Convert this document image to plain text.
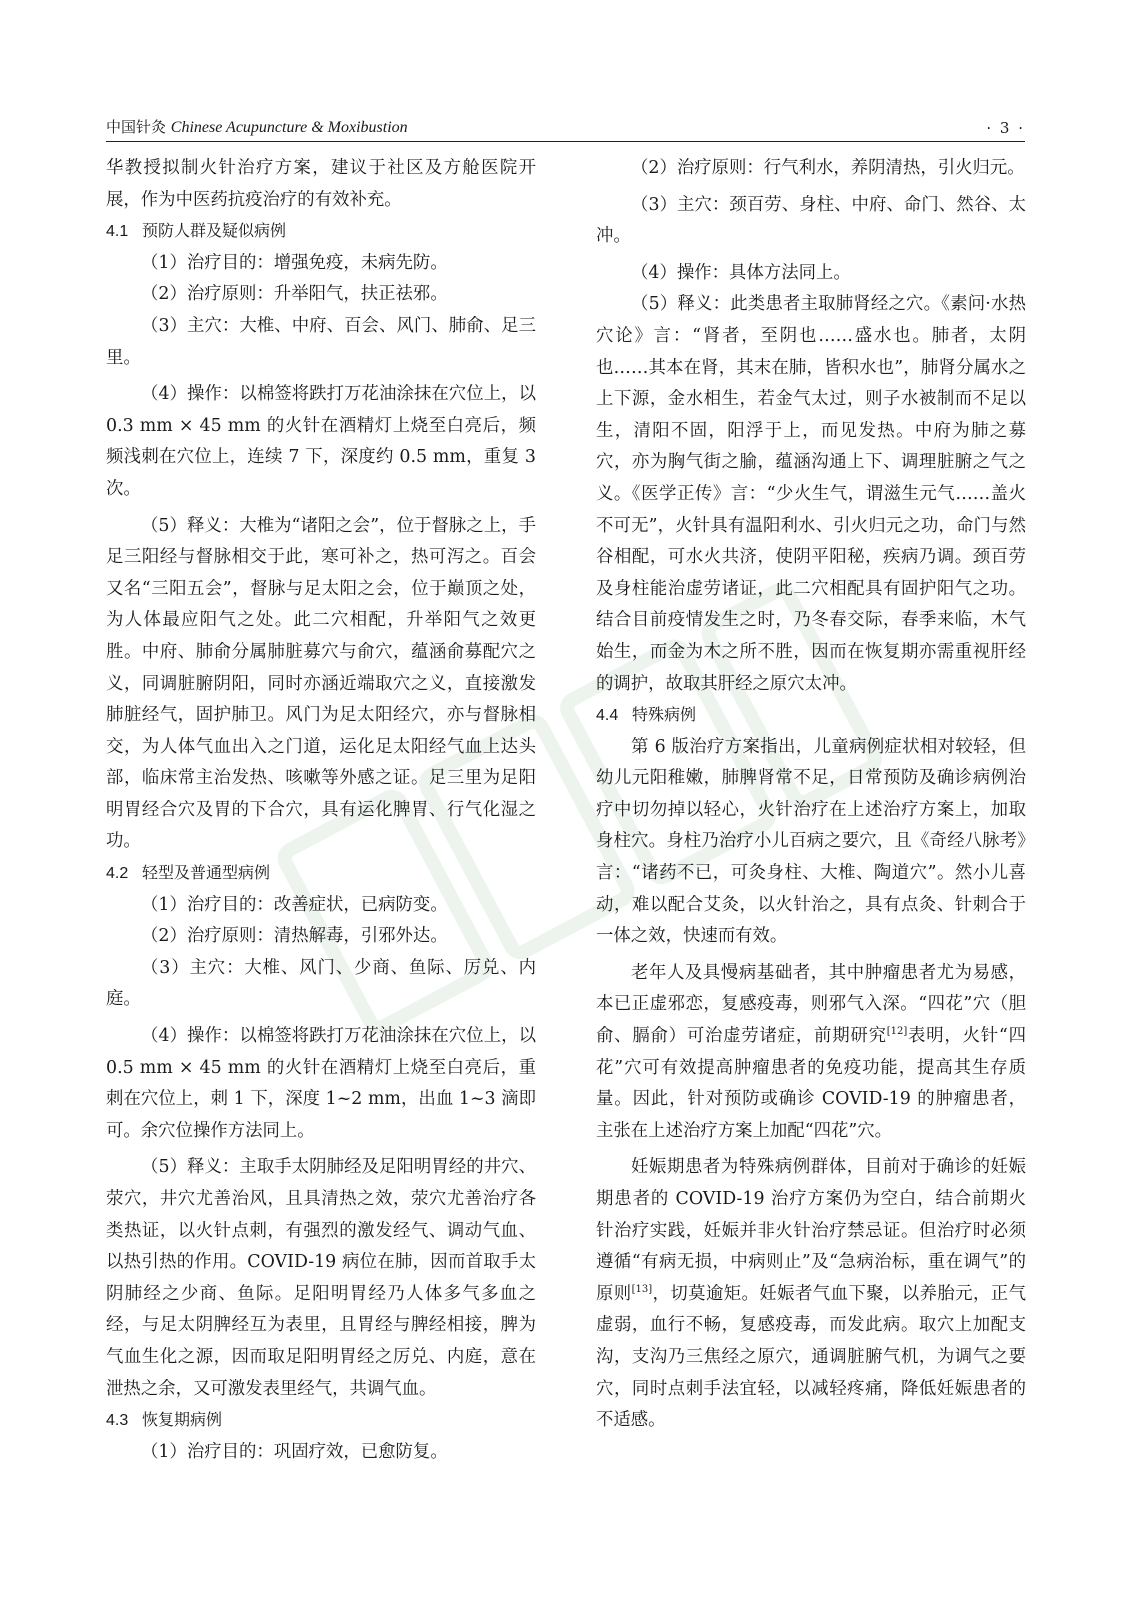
中国针灸 Chinese Acupuncture & Moxibustion	· 3 ·

华教授拟制火针治疗方案，建议于社区及方舱医院开展，作为中医药抗疫治疗的有效补充。

4.1 预防人群及疑似病例

（1）治疗目的：增强免疫，未病先防。

（2）治疗原则：升举阳气，扶正祛邪。

（3）主穴：大椎、中府、百会、风门、肺俞、足三里。

（4）操作：以棉签将跌打万花油涂抹在穴位上，以 0.3 mm × 45 mm 的火针在酒精灯上烧至白亮后，频频浅刺在穴位上，连续 7 下，深度约 0.5 mm，重复 3 次。

（5）释义：大椎为“诸阳之会”，位于督脉之上，手足三阳经与督脉相交于此，寒可补之，热可泻之。百会又名“三阳五会”，督脉与足太阳之会，位于巅顶之处，为人体最应阳气之处。此二穴相配，升举阳气之效更胜。中府、肺俞分属肺脏募穴与俞穴，蕴涵俞募配穴之义，同调脏腑阴阳，同时亦涵近端取穴之义，直接激发肺脏经气，固护肺卫。风门为足太阳经穴，亦与督脉相交，为人体气血出入之门道，运化足太阳经气血上达头部，临床常主治发热、咳嗽等外感之证。足三里为足阳明胃经合穴及胃的下合穴，具有运化脾胃、行气化湿之功。

4.2 轻型及普通型病例

（1）治疗目的：改善症状，已病防变。

（2）治疗原则：清热解毒，引邪外达。

（3）主穴：大椎、风门、少商、鱼际、厉兑、内庭。

（4）操作：以棉签将跌打万花油涂抹在穴位上，以 0.5 mm × 45 mm 的火针在酒精灯上烧至白亮后，重刺在穴位上，刺 1 下，深度 1~2 mm，出血 1~3 滴即可。余穴位操作方法同上。

（5）释义：主取手太阴肺经及足阳明胃经的井穴、荥穴，井穴尤善治风，且具清热之效，荥穴尤善治疗各类热证，以火针点刺，有强烈的激发经气、调动气血、以热引热的作用。COVID-19 病位在肺，因而首取手太阴肺经之少商、鱼际。足阳明胃经乃人体多气多血之经，与足太阴脾经互为表里，且胃经与脾经相接，脾为气血生化之源，因而取足阳明胃经之厉兑、内庭，意在泄热之余，又可激发表里经气，共调气血。

4.3 恢复期病例

（1）治疗目的：巩固疗效，已愈防复。

（2）治疗原则：行气利水，养阴清热，引火归元。

（3）主穴：颈百劳、身柱、中府、命门、然谷、太冲。

（4）操作：具体方法同上。

（5）释义：此类患者主取肺肾经之穴。《素问·水热穴论》言：“肾者，至阴也……盛水也。肺者，太阴也……其本在肾，其末在肺，皆积水也”，肺肾分属水之上下源，金水相生，若金气太过，则子水被制而不足以生，清阳不固，阳浮于上，而见发热。中府为肺之募穴，亦为胸气街之腧，蕴涵沟通上下、调理脏腑之气之义。《医学正传》言：“少火生气，谓滋生元气……盖火不可无”，火针具有温阳利水、引火归元之功，命门与然谷相配，可水火共济，使阴平阳秘，疾病乃调。颈百劳及身柱能治虚劳诸证，此二穴相配具有固护阳气之功。结合目前疫情发生之时，乃冬春交际，春季来临，木气始生，而金为木之所不胜，因而在恢复期亦需重视肝经的调护，故取其肝经之原穴太冲。

4.4 特殊病例

第 6 版治疗方案指出，儿童病例症状相对较轻，但幼儿元阳稚嫩，肺脾肾常不足，日常预防及确诊病例治疗中切勿掉以轻心，火针治疗在上述治疗方案上，加取身柱穴。身柱乃治疗小儿百病之要穴，且《奇经八脉考》言：“诸药不已，可灸身柱、大椎、陶道穴”。然小儿喜动，难以配合艾灸，以火针治之，具有点灸、针刺合于一体之效，快速而有效。

老年人及具慢病基础者，其中肿瘤患者尤为易感，本已正虚邪恋，复感疫毒，则邪气入深。“四花”穴（胆俞、膈俞）可治虚劳诸症，前期研究[12]表明，火针“四花”穴可有效提高肿瘤患者的免疫功能，提高其生存质量。因此，针对预防或确诊 COVID-19 的肿瘤患者，主张在上述治疗方案上加配“四花”穴。

妊娠期患者为特殊病例群体，目前对于确诊的妊娠期患者的 COVID-19 治疗方案仍为空白，结合前期火针治疗实践，妊娠并非火针治疗禁忌证。但治疗时必须遵循“有病无损，中病则止”及“急病治标，重在调气”的原则[13]，切莫逾矩。妊娠者气血下聚，以养胎元，正气虚弱，血行不畅，复感疫毒，而发此病。取穴上加配支沟，支沟乃三焦经之原穴，通调脏腑气机，为调气之要穴，同时点刺手法宜轻，以减轻疼痛，降低妊娠患者的不适感。
